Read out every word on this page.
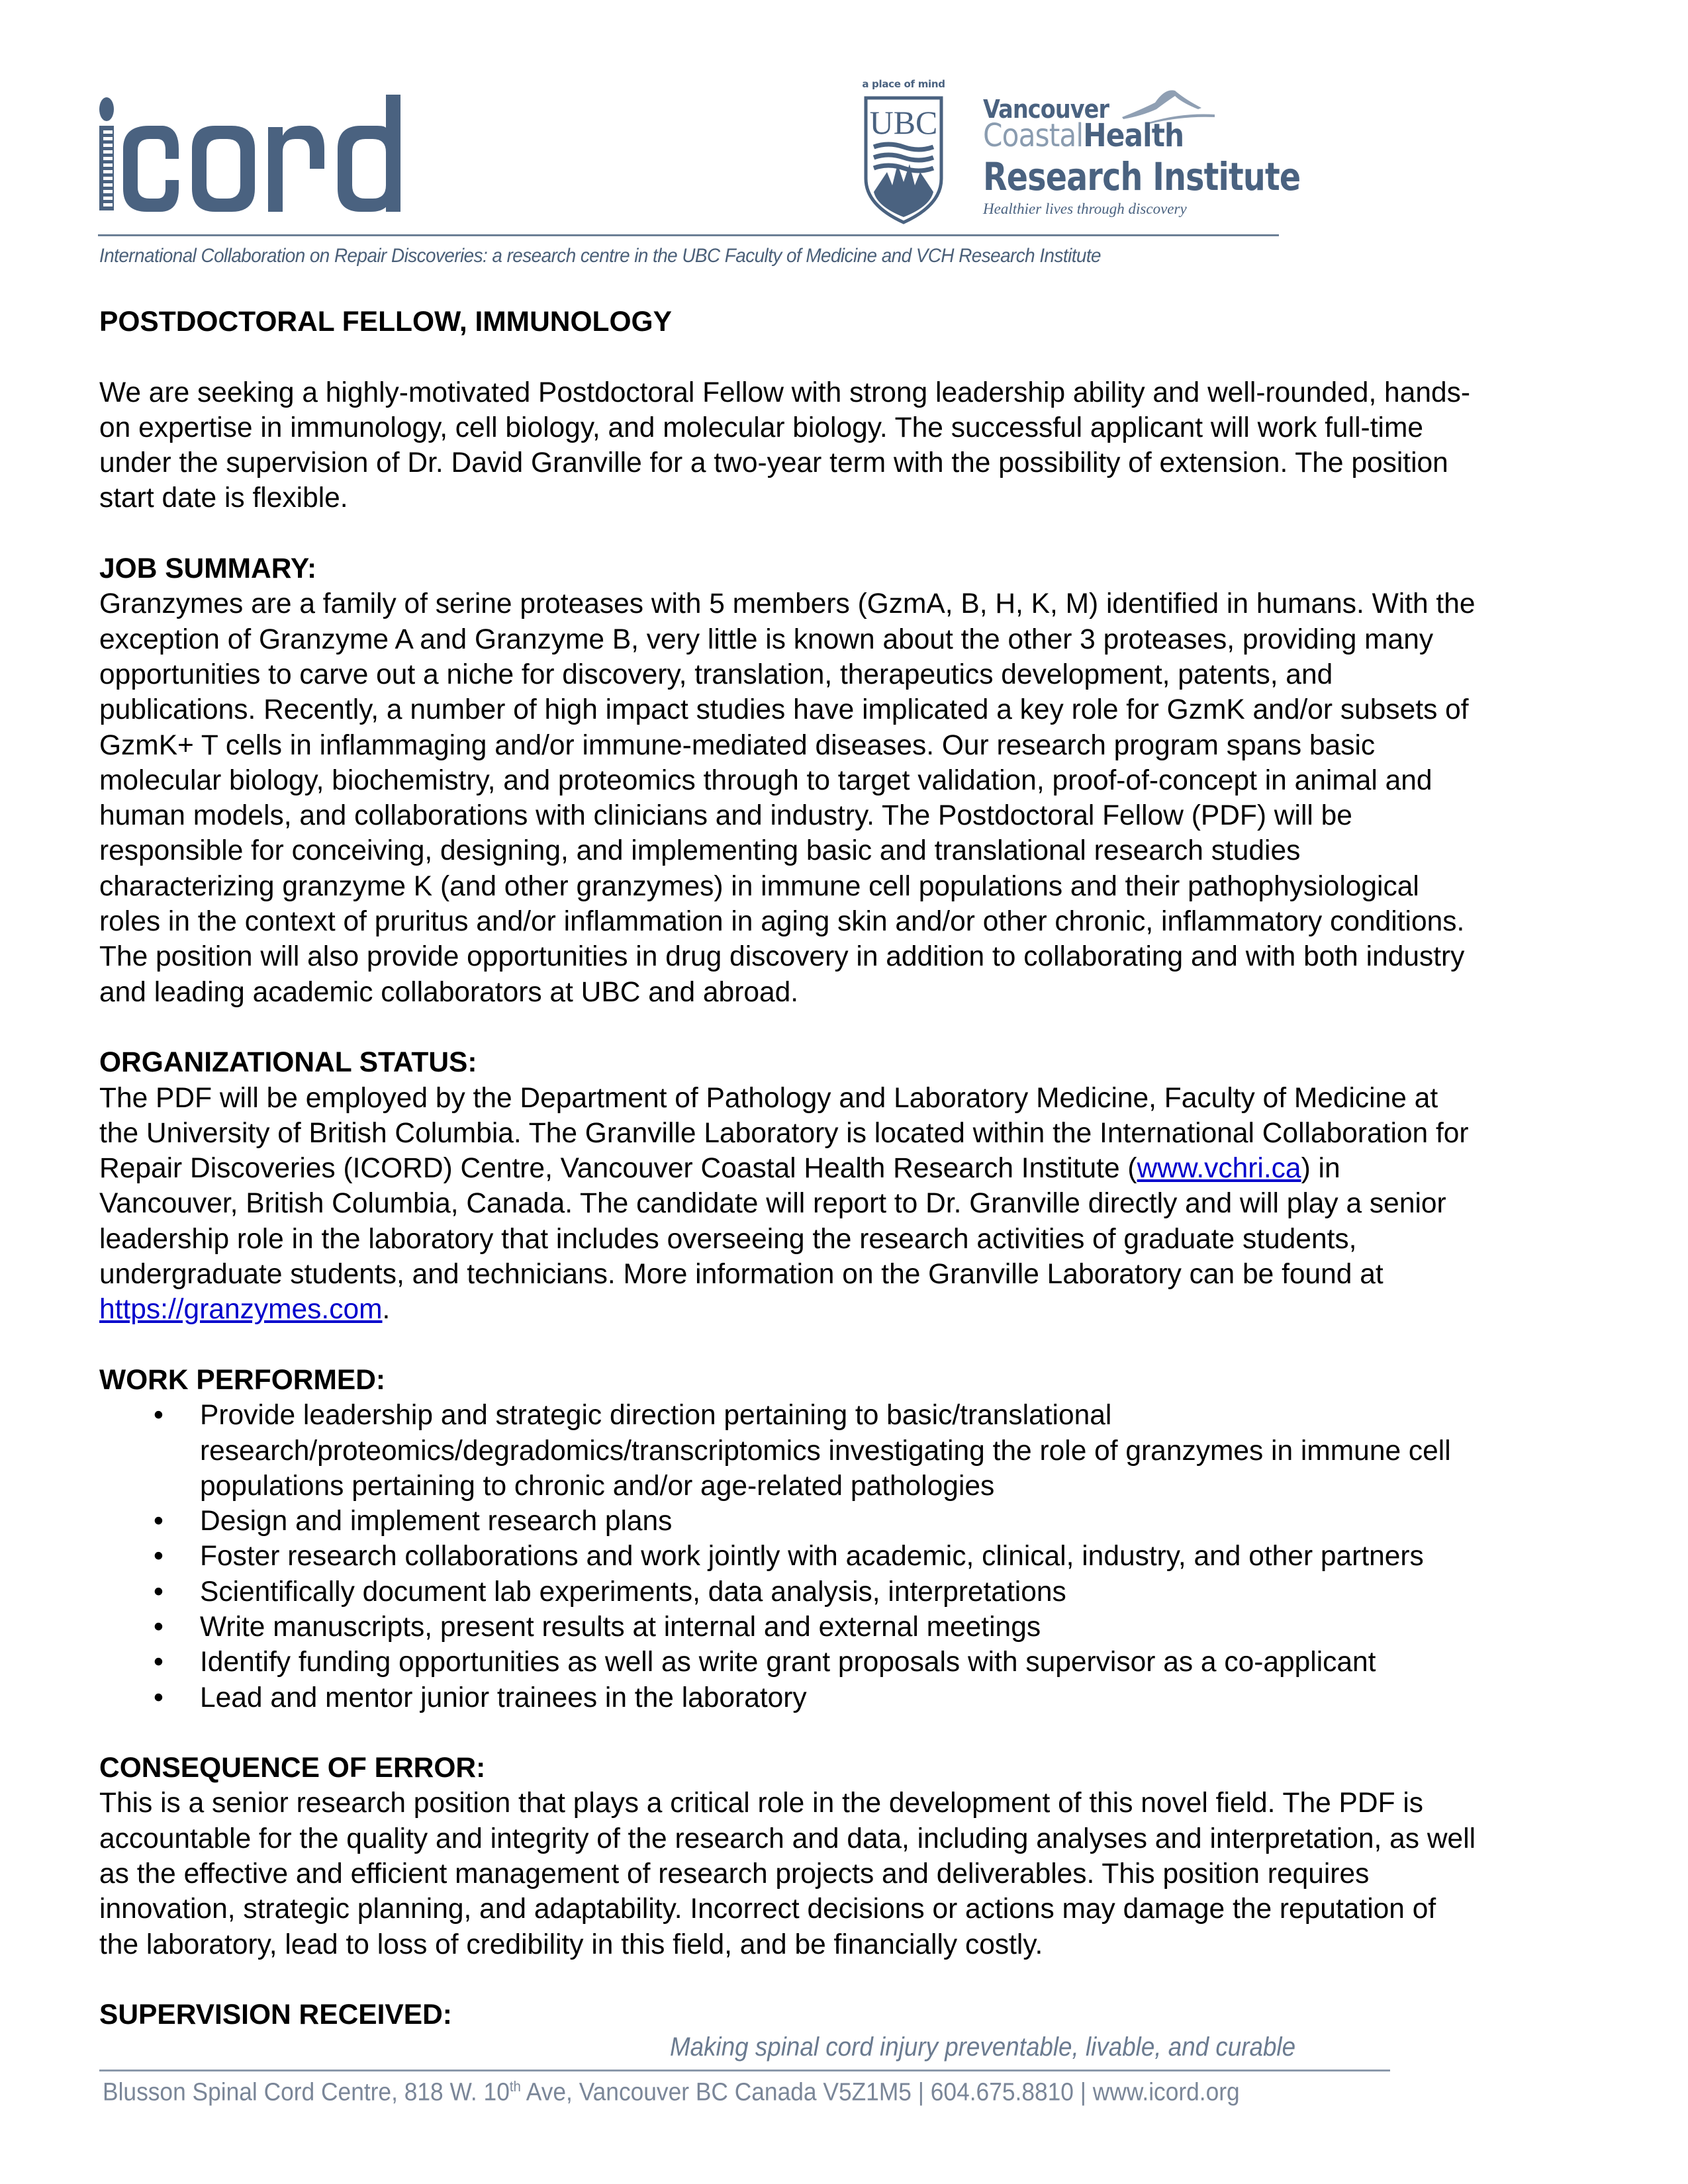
a place of mind
UBC Vancouver
CoastalHealth
Research Institute
Healthier lives through discovery
International Collaboration on Repair Discoveries: a research centre in the UBC Faculty of Medicine and VCH Research Institute
POSTDOCTORAL FELLOW, IMMUNOLOGY

We are seeking a highly-motivated Postdoctoral Fellow with strong leadership ability and well-rounded, hands-
on expertise in immunology, cell biology, and molecular biology. The successful applicant will work full-time
under the supervision of Dr. David Granville for a two-year term with the possibility of extension. The position
start date is flexible.

JOB SUMMARY:

Granzymes are a family of serine proteases with 5 members (GzmA, B, H, K, M) identified in humans. With the
exception of Granzyme A and Granzyme B, very little is known about the other 3 proteases, providing many
opportunities to carve out a niche for discovery, translation, therapeutics development, patents, and
publications. Recently, a number of high impact studies have implicated a key role for GzmK and/or subsets of
GzmK+ T cells in inflammaging and/or immune-mediated diseases. Our research program spans basic
molecular biology, biochemistry, and proteomics through to target validation, proof-of-concept in animal and
human models, and collaborations with clinicians and industry. The Postdoctoral Fellow (PDF) will be
responsible for conceiving, designing, and implementing basic and translational research studies
characterizing granzyme K (and other granzymes) in immune cell populations and their pathophysiological
roles in the context of pruritus and/or inflammation in aging skin and/or other chronic, inflammatory conditions.
The position will also provide opportunities in drug discovery in addition to collaborating and with both industry
and leading academic collaborators at UBC and abroad.

ORGANIZATIONAL STATUS:

The PDF will be employed by the Department of Pathology and Laboratory Medicine, Faculty of Medicine at
the University of British Columbia. The Granville Laboratory is located within the International Collaboration for
Repair Discoveries (ICORD) Centre, Vancouver Coastal Health Research Institute (www.vchri.ca) in
Vancouver, British Columbia, Canada. The candidate will report to Dr. Granville directly and will play a senior
leadership role in the laboratory that includes overseeing the research activities of graduate students,
undergraduate students, and technicians. More information on the Granville Laboratory can be found at
https://granzymes.com.

WORK PERFORMED:
• Provide leadership and strategic direction pertaining to basic/translational
research/proteomics/degradomics/transcriptomics investigating the role of granzymes in immune cell
populations pertaining to chronic and/or age-related pathologies
• Design and implement research plans
• Foster research collaborations and work jointly with academic, clinical, industry, and other partners
• Scientifically document lab experiments, data analysis, interpretations
• Write manuscripts, present results at internal and external meetings
• Identify funding opportunities as well as write grant proposals with supervisor as a co-applicant
• Lead and mentor junior trainees in the laboratory
CONSEQUENCE OF ERROR:

This is a senior research position that plays a critical role in the development of this novel field. The PDF is
accountable for the quality and integrity of the research and data, including analyses and interpretation, as well
as the effective and efficient management of research projects and deliverables. This position requires
innovation, strategic planning, and adaptability. Incorrect decisions or actions may damage the reputation of
the laboratory, lead to loss of credibility in this field, and be financially costly.

SUPERVISION RECEIVED:
Making spinal cord injury preventable, livable, and curable
Blusson Spinal Cord Centre, 818 W. 10th Ave, Vancouver BC Canada V5Z1M5 | 604.675.8810 | www.icord.org
